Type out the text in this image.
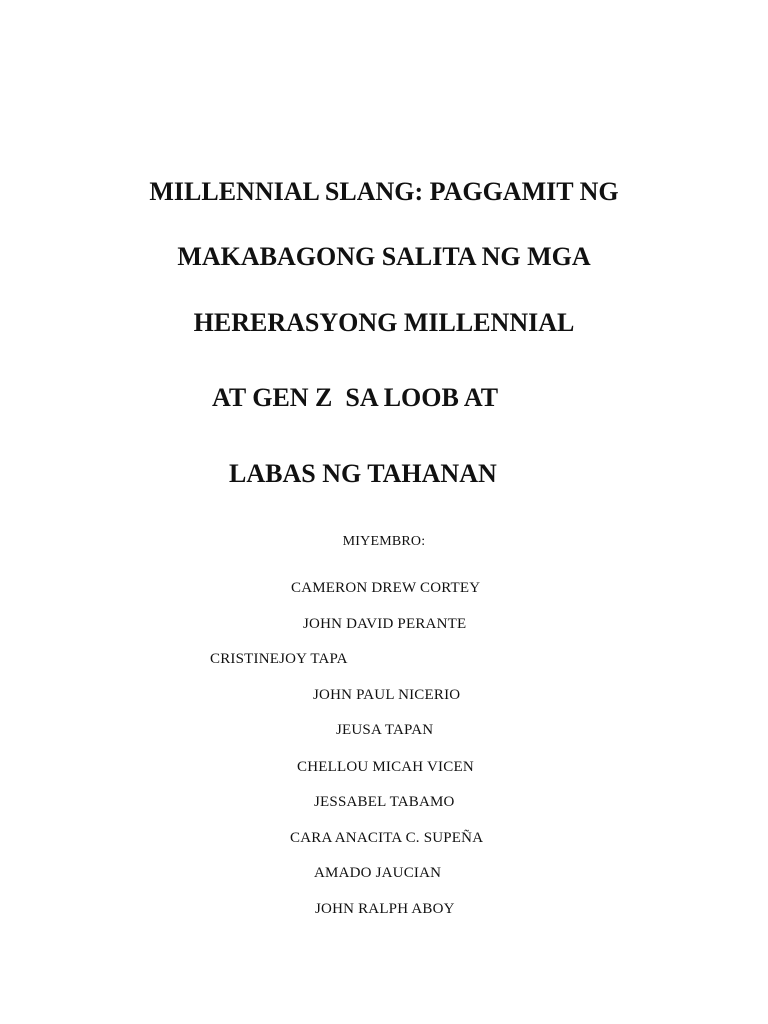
MILLENNIAL SLANG: PAGGAMIT NG
MAKABAGONG SALITA NG MGA
HERERASYONG MILLENNIAL
AT GEN Z  SA LOOB AT
LABAS NG TAHANAN
MIYEMBRO:
CAMERON DREW CORTEY
JOHN DAVID PERANTE
CRISTINEJOY TAPA
JOHN PAUL NICERIO
JEUSA TAPAN
CHELLOU MICAH VICEN
JESSABEL TABAMO
CARA ANACITA C. SUPEÑA
AMADO JAUCIAN
JOHN RALPH ABOY
